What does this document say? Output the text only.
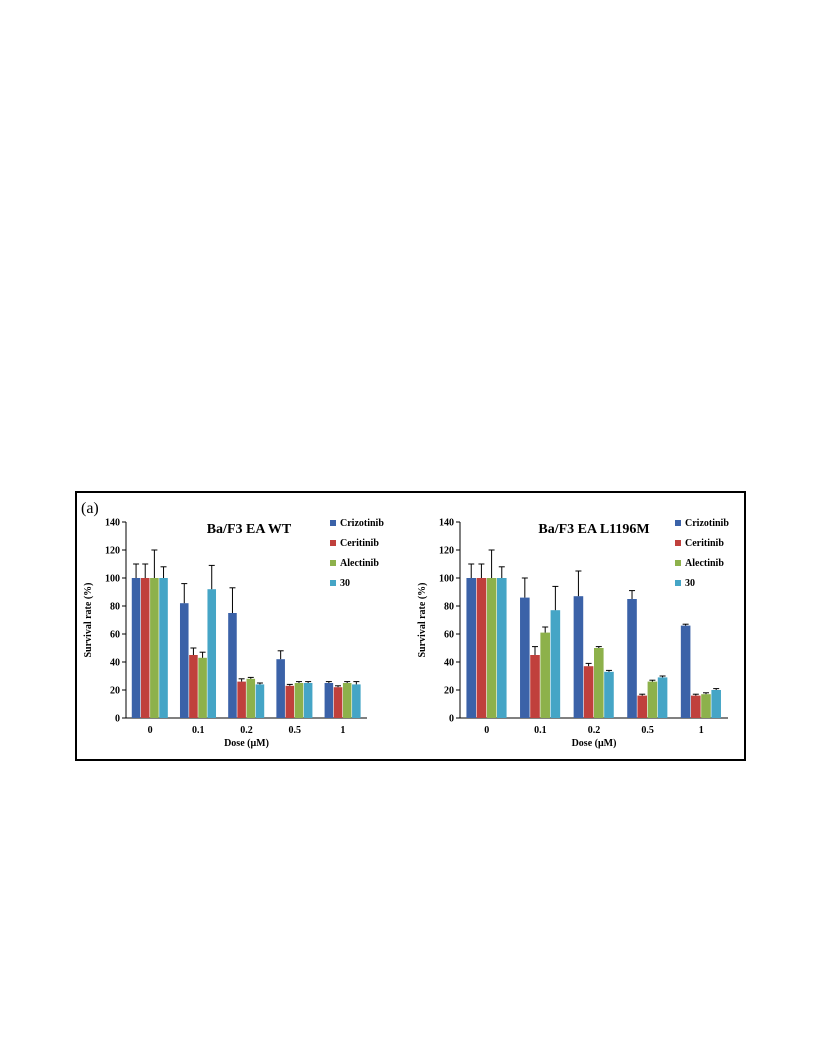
(a)
0
20
40
60
80
100
120
140
0	0.1	0.2	0.5	1
Dose (μM)
Survival rate (%)
Ba/F3 EA WT	Crizotinib
Ceritinib
Alectinib
30
0
20
40
60
80
100
120
140
0	0.1	0.2	0.5	1
Dose (μM)
Survival rate (%)
Ba/F3 EA L1196M	Crizotinib
Ceritinib
Alectinib
30
